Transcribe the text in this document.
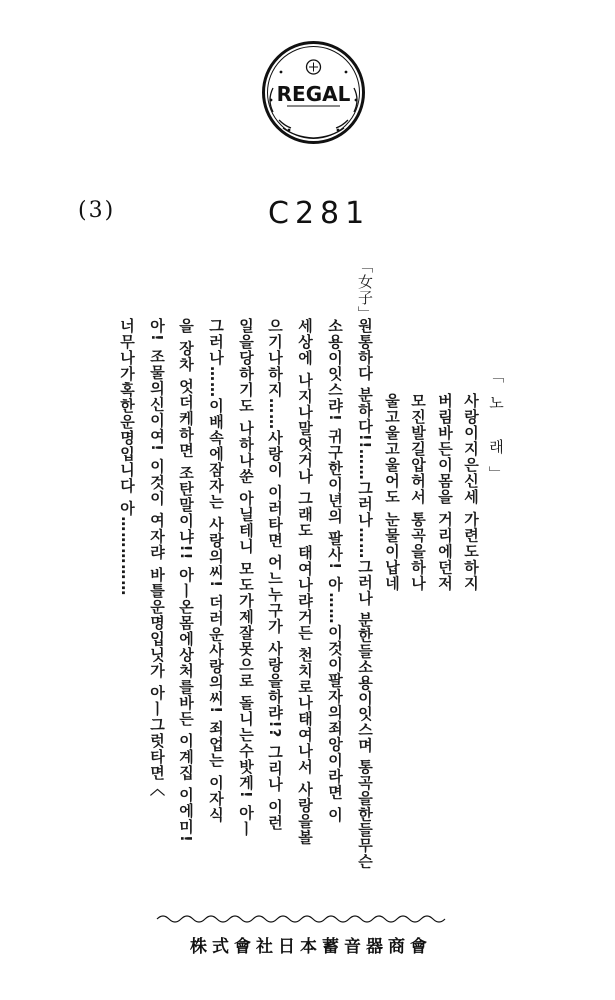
REGAL
(3)	C281
「노 래」
사랑이지은신세 가련도하지
버림바든이몸을 거리에던저
모진발길압허서 통곡을하나
울고울고울어도 눈물이납네
「女子」
원통하다 분하다!!……그러나……그러나 분한들소용이잇스며 통곡을한들무슨
소용이잇스랴! 귀구한이년의 팔사! 아……이것이팔자의죄앙이라면 이
세상에 나지나말엇거나 그래도 태여나랴거든 천치로나태여나서 사랑을볼
으기나하지……사랑이 이러타면 어느누구가 사랑을하랴!? 그리나 이런
일을당하기도 나하나쑨 아닐테니 모도가제잘못으로 돌니는수밧게! 아ㅣ
그러나……이배속에잠자는 사랑의씨! 더러운사랑의씨! 죄업는 이자식
을 장차 엇더케하면 조탄말이냐!! 아ㅣ온몸에상처를바든 이계집 이에미!
아! 조물의신이여! 이것이 여자랴 바틀운명입닛가 아ㅣ그럿타면〈
너무나가혹한운명입니다 아……………
株式會社日本蓄音器商會
